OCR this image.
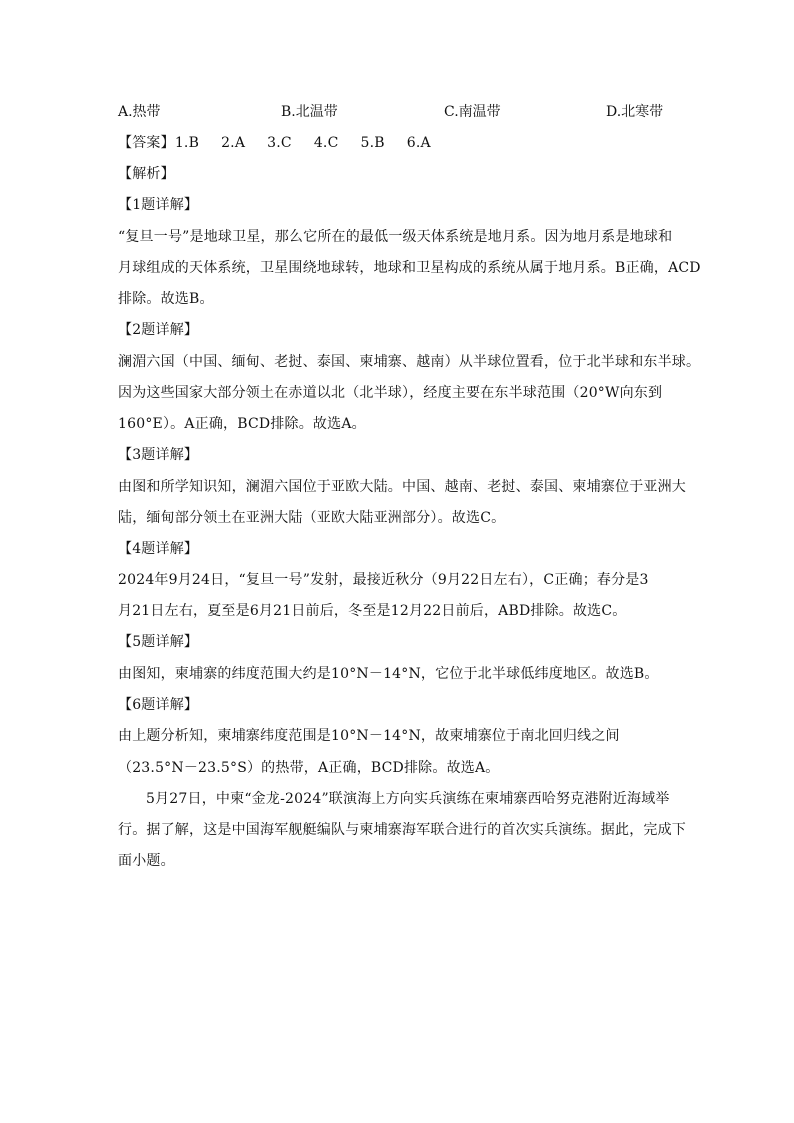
A.热带	B.北温带	C.南温带	D.北寒带
【答案】1.B 2.A 3.C 4.C 5.B 6.A
【解析】
【1题详解】
“复旦一号”是地球卫星，那么它所在的最低一级天体系统是地月系。因为地月系是地球和
月球组成的天体系统，卫星围绕地球转，地球和卫星构成的系统从属于地月系。B正确，ACD
排除。故选B。
【2题详解】
澜湄六国（中国、缅甸、老挝、泰国、柬埔寨、越南）从半球位置看，位于北半球和东半球。
因为这些国家大部分领土在赤道以北（北半球），经度主要在东半球范围（20°W向东到
160°E）。A正确，BCD排除。故选A。
【3题详解】
由图和所学知识知，澜湄六国位于亚欧大陆。中国、越南、老挝、泰国、柬埔寨位于亚洲大
陆，缅甸部分领土在亚洲大陆（亚欧大陆亚洲部分）。故选C。
【4题详解】
2024年9月24日，“复旦一号”发射，最接近秋分（9月22日左右），C正确；春分是3
月21日左右，夏至是6月21日前后，冬至是12月22日前后，ABD排除。故选C。
【5题详解】
由图知，柬埔寨的纬度范围大约是10°N－14°N，它位于北半球低纬度地区。故选B。
【6题详解】
由上题分析知，柬埔寨纬度范围是10°N－14°N，故柬埔寨位于南北回归线之间
（23.5°N－23.5°S）的热带，A正确，BCD排除。故选A。
5月27日，中柬“金龙-2024”联演海上方向实兵演练在柬埔寨西哈努克港附近海域举
行。据了解，这是中国海军舰艇编队与柬埔寨海军联合进行的首次实兵演练。据此，完成下
面小题。
